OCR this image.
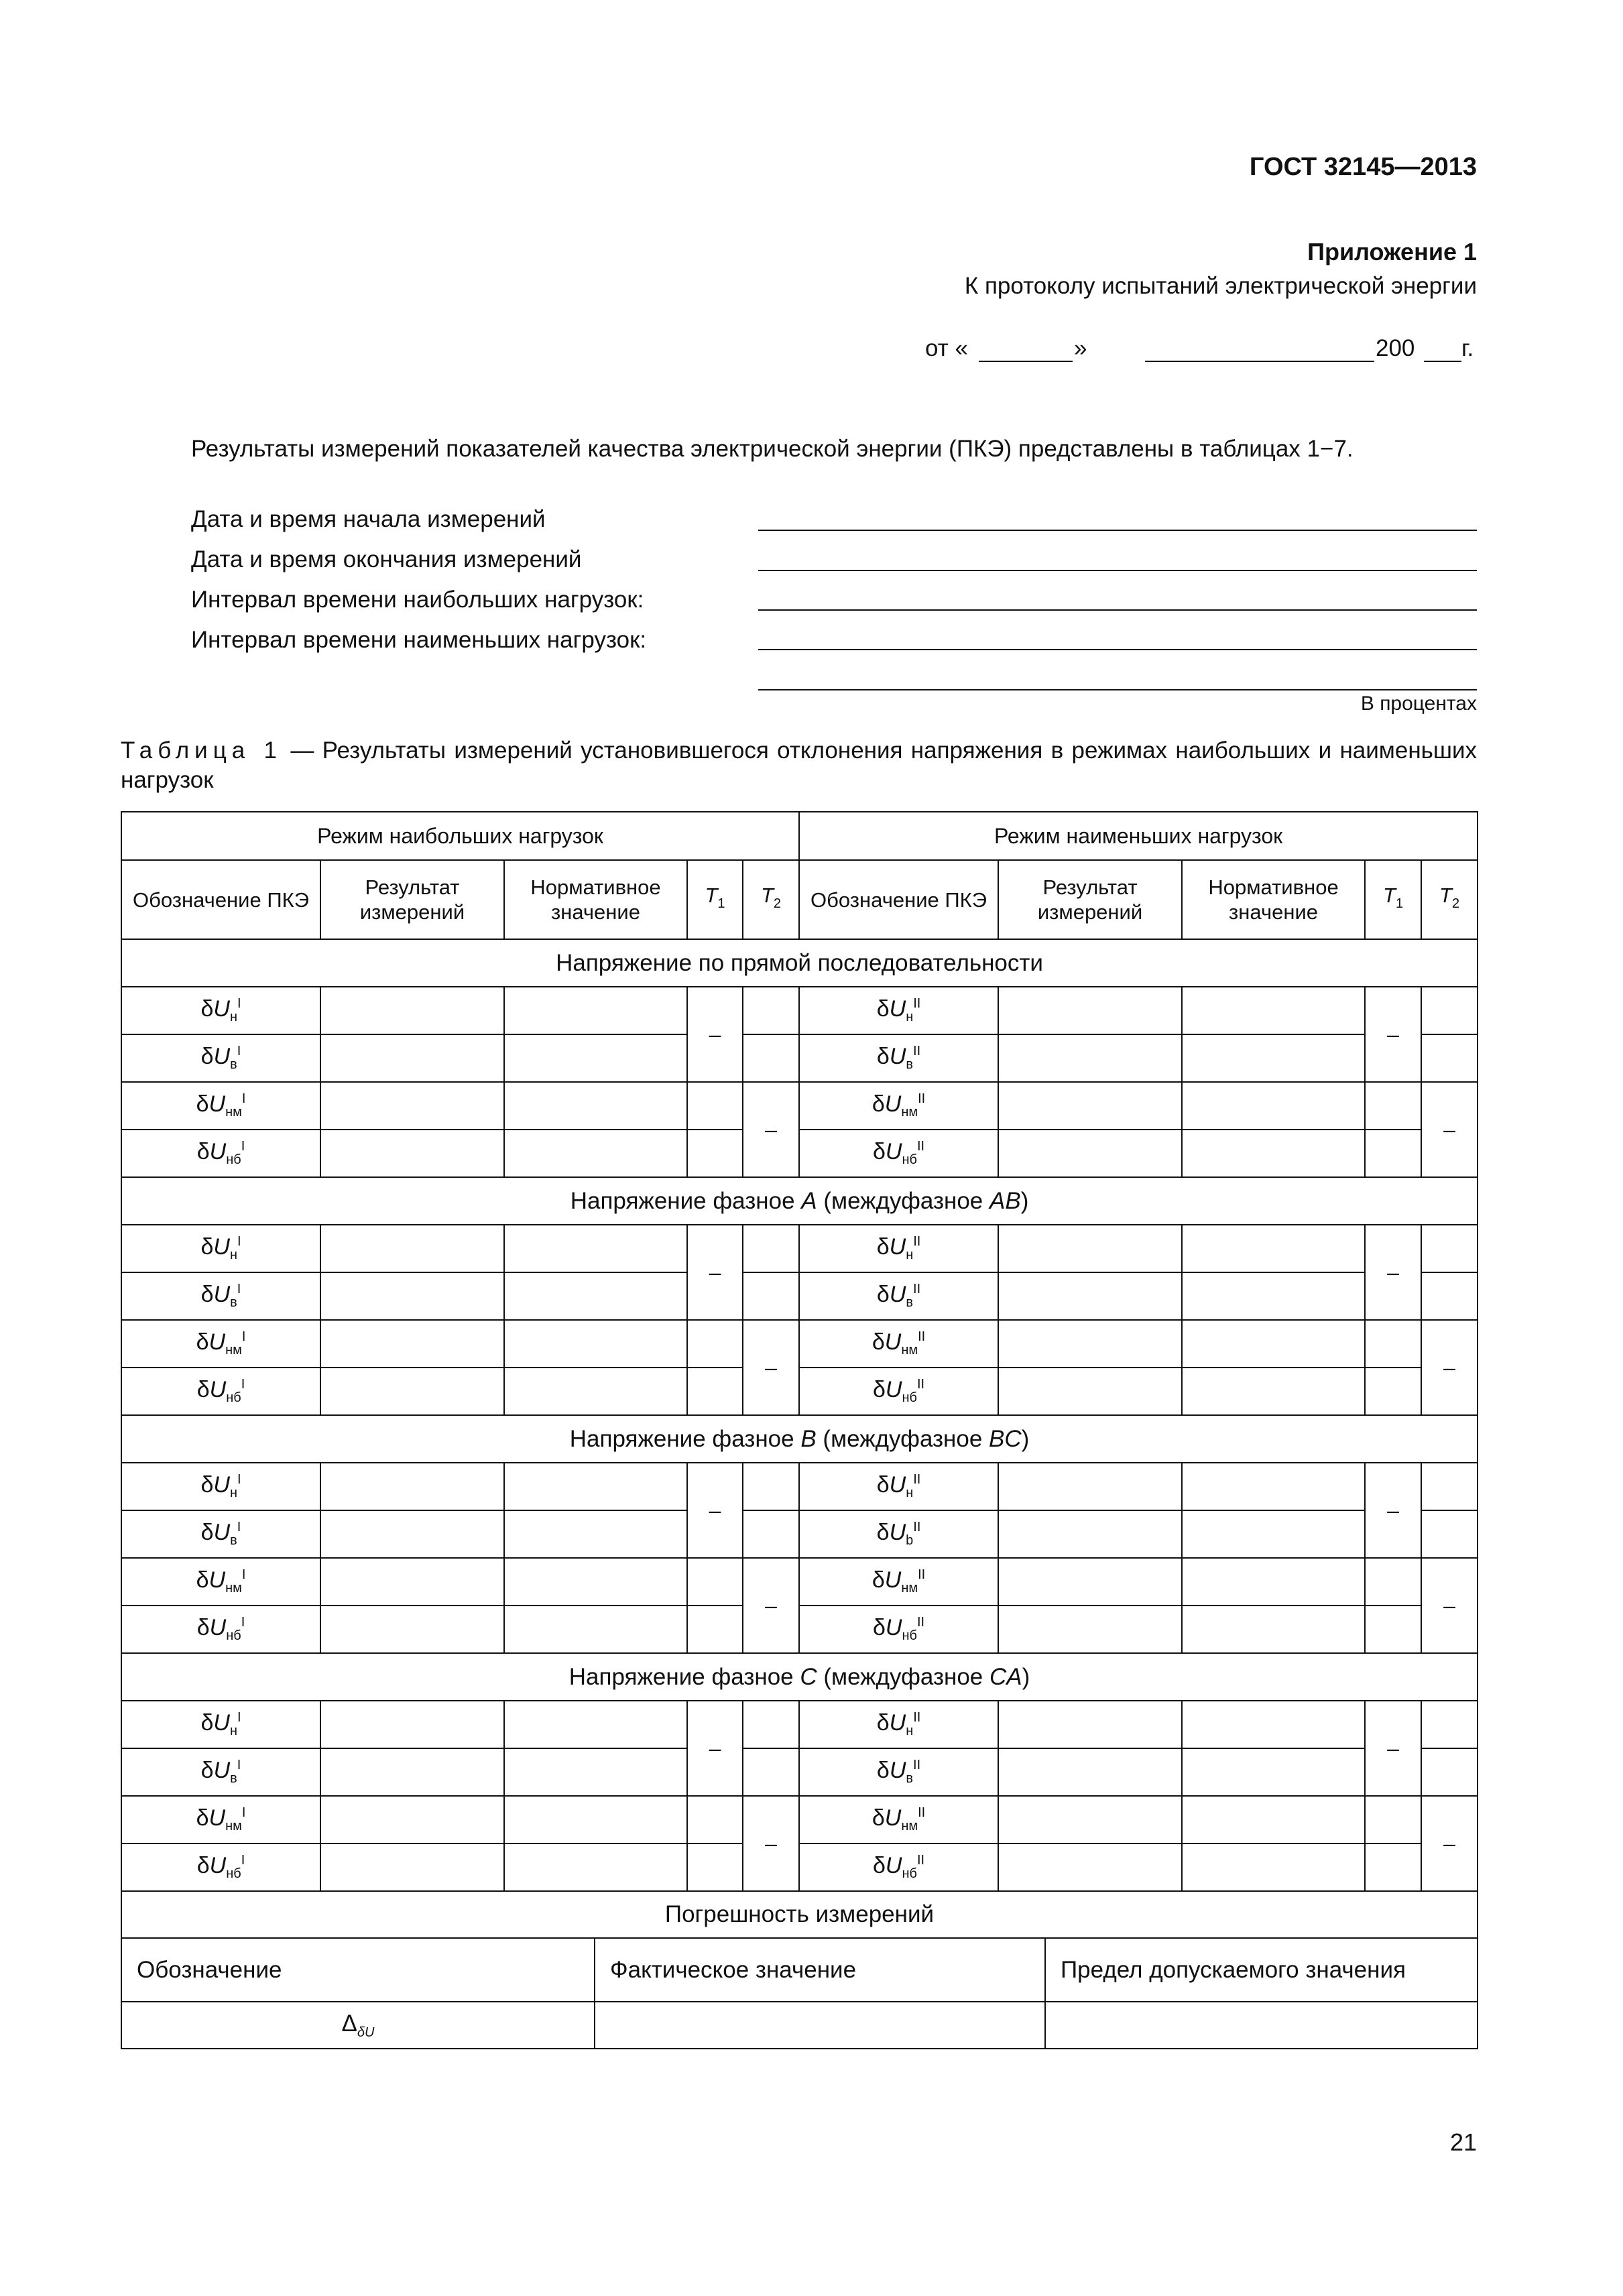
ГОСТ 32145—2013
Приложение 1
К протоколу испытаний электрической энергии
от «	»	200 г.
Результаты измерений показателей качества электрической энергии (ПКЭ) представлены в таблицах 1−7.
Дата и время начала измерений
Дата и время окончания измерений
Интервал времени наибольших нагрузок:
Интервал времени наименьших нагрузок:
В процентах
Таблица 1 — Результаты измерений установившегося отклонения напряжения в режимах наибольших и наименьших нагрузок
Режим наибольших нагрузок					Режим наименьших нагрузок				
Обозначение ПКЭ	Результат измерений	Нормативное значение	$T_1$	$T_2$	Обозначение ПКЭ	Результат измерений	Нормативное значение	$T_1$	$T_2$
Напряжение по прямой последовательности									
$\delta U_н^I$			–		$\delta U_н^{II}$			–	
$\delta U_в^I$					$\delta U_в^{II}$			
$\delta U_{нм}^I$				–	$\delta U_{нм}^{II}$				–
$\delta U_{нб}^I$					$\delta U_{нб}^{II}$			
Напряжение фазное A (междуфазное AB)									
$\delta U_н^I$			–		$\delta U_н^{II}$			–	
$\delta U_в^I$					$\delta U_в^{II}$			
$\delta U_{нм}^I$				–	$\delta U_{нм}^{II}$				–
$\delta U_{нб}^I$					$\delta U_{нб}^{II}$			
Напряжение фазное B (междуфазное BC)									
$\delta U_н^I$			–		$\delta U_н^{II}$			–	
$\delta U_в^I$					$\delta U_b^{II}$			
$\delta U_{нм}^I$				–	$\delta U_{нм}^{II}$				–
$\delta U_{нб}^I$					$\delta U_{нб}^{II}$			
Напряжение фазное C (междуфазное CA)									
$\delta U_н^I$			–		$\delta U_н^{II}$			–	
$\delta U_в^I$					$\delta U_в^{II}$			
$\delta U_{нм}^I$				–	$\delta U_{нм}^{II}$				–
$\delta U_{нб}^I$					$\delta U_{нб}^{II}$			
Погрешность измерений		
Обозначение	Фактическое значение	Предел допускаемого значения
$\Delta_{\delta U}$		
21
